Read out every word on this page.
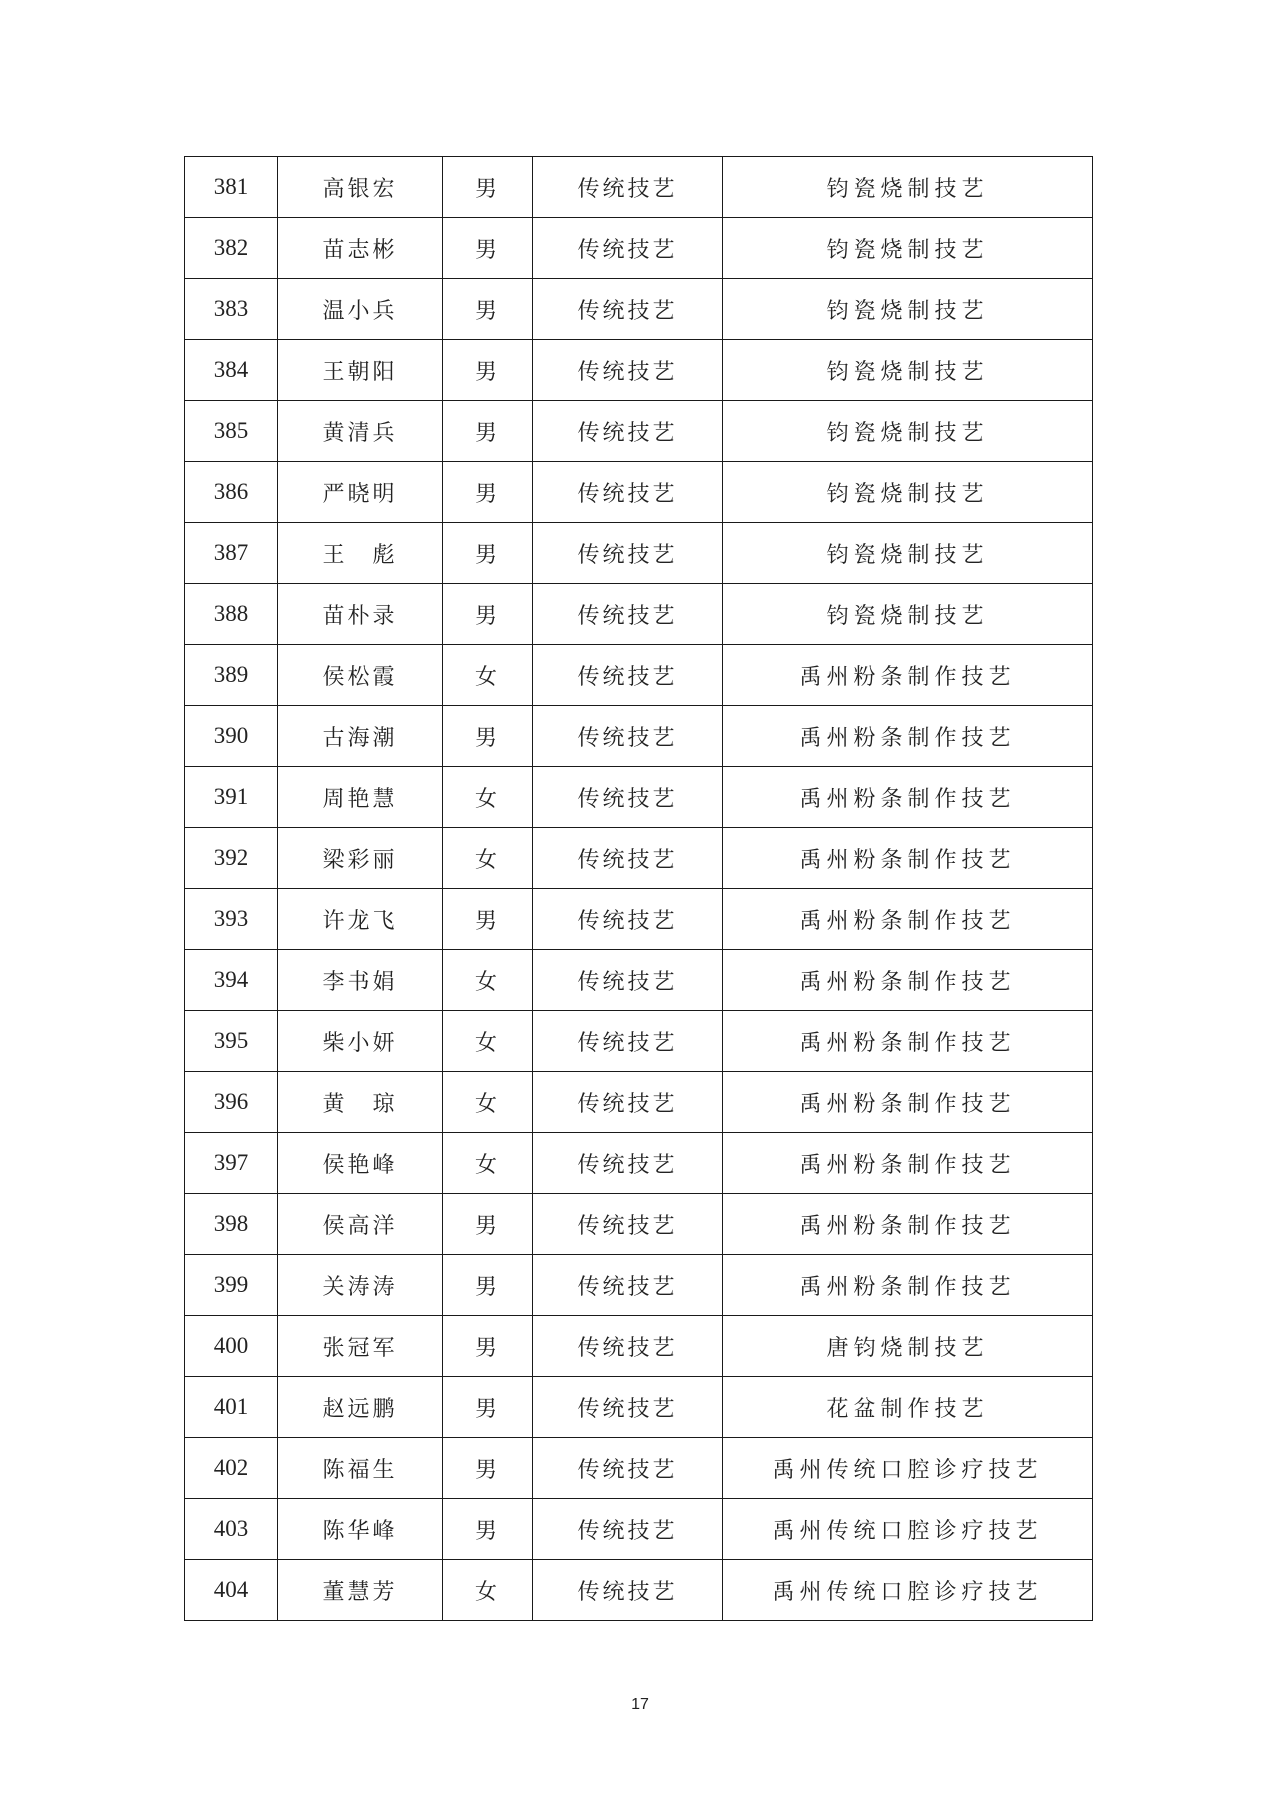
381	高银宏	男	传统技艺	钧瓷烧制技艺
382	苗志彬	男	传统技艺	钧瓷烧制技艺
383	温小兵	男	传统技艺	钧瓷烧制技艺
384	王朝阳	男	传统技艺	钧瓷烧制技艺
385	黄清兵	男	传统技艺	钧瓷烧制技艺
386	严晓明	男	传统技艺	钧瓷烧制技艺
387	王　彪	男	传统技艺	钧瓷烧制技艺
388	苗朴录	男	传统技艺	钧瓷烧制技艺
389	侯松霞	女	传统技艺	禹州粉条制作技艺
390	古海潮	男	传统技艺	禹州粉条制作技艺
391	周艳慧	女	传统技艺	禹州粉条制作技艺
392	梁彩丽	女	传统技艺	禹州粉条制作技艺
393	许龙飞	男	传统技艺	禹州粉条制作技艺
394	李书娟	女	传统技艺	禹州粉条制作技艺
395	柴小妍	女	传统技艺	禹州粉条制作技艺
396	黄　琼	女	传统技艺	禹州粉条制作技艺
397	侯艳峰	女	传统技艺	禹州粉条制作技艺
398	侯高洋	男	传统技艺	禹州粉条制作技艺
399	关涛涛	男	传统技艺	禹州粉条制作技艺
400	张冠军	男	传统技艺	唐钧烧制技艺
401	赵远鹏	男	传统技艺	花盆制作技艺
402	陈福生	男	传统技艺	禹州传统口腔诊疗技艺
403	陈华峰	男	传统技艺	禹州传统口腔诊疗技艺
404	董慧芳	女	传统技艺	禹州传统口腔诊疗技艺
17
